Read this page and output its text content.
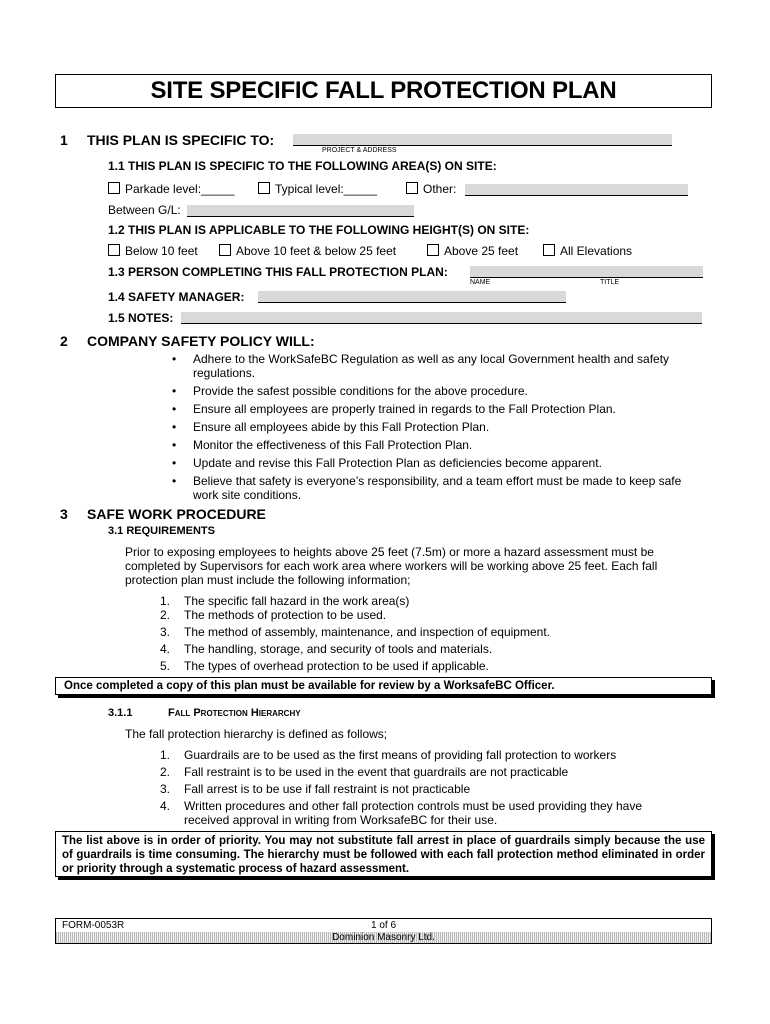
SITE SPECIFIC FALL PROTECTION PLAN
1 THIS PLAN IS SPECIFIC TO:
PROJECT & ADDRESS
1.1 THIS PLAN IS SPECIFIC TO THE FOLLOWING AREA(S) ON SITE:
Parkade level:_____	Typical level:_____	Other:
Between G/L:
1.2 THIS PLAN IS APPLICABLE TO THE FOLLOWING HEIGHT(S) ON SITE:
Below 10 feet	Above 10 feet & below 25 feet	Above 25 feet	All Elevations
1.3 PERSON COMPLETING THIS FALL PROTECTION PLAN:
NAME	TITLE
1.4 SAFETY MANAGER:
1.5 NOTES:
2 COMPANY SAFETY POLICY WILL:
• Adhere to the WorkSafeBC Regulation as well as any local Government health and safety regulations.
• Provide the safest possible conditions for the above procedure.
• Ensure all employees are properly trained in regards to the Fall Protection Plan.
• Ensure all employees abide by this Fall Protection Plan.
• Monitor the effectiveness of this Fall Protection Plan.
• Update and revise this Fall Protection Plan as deficiencies become apparent.
• Believe that safety is everyone’s responsibility, and a team effort must be made to keep safe work site conditions.
3 SAFE WORK PROCEDURE
3.1 REQUIREMENTS
Prior to exposing employees to heights above 25 feet (7.5m) or more a hazard assessment must be completed by Supervisors for each work area where workers will be working above 25 feet. Each fall protection plan must include the following information;
1. The specific fall hazard in the work area(s)
2. The methods of protection to be used.
3. The method of assembly, maintenance, and inspection of equipment.
4. The handling, storage, and security of tools and materials.
5. The types of overhead protection to be used if applicable.
Once completed a copy of this plan must be available for review by a WorksafeBC Officer.
3.1.1	Fall Protection Hierarchy
The fall protection hierarchy is defined as follows;
1. Guardrails are to be used as the first means of providing fall protection to workers
2. Fall restraint is to be used in the event that guardrails are not practicable
3. Fall arrest is to be use if fall restraint is not practicable
4. Written procedures and other fall protection controls must be used providing they have received approval in writing from WorksafeBC for their use.
The list above is in order of priority. You may not substitute fall arrest in place of guardrails simply because the use of guardrails is time consuming. The hierarchy must be followed with each fall protection method eliminated in order or priority through a systematic process of hazard assessment.
FORM-0053R	1 of 6
Dominion Masonry Ltd.
